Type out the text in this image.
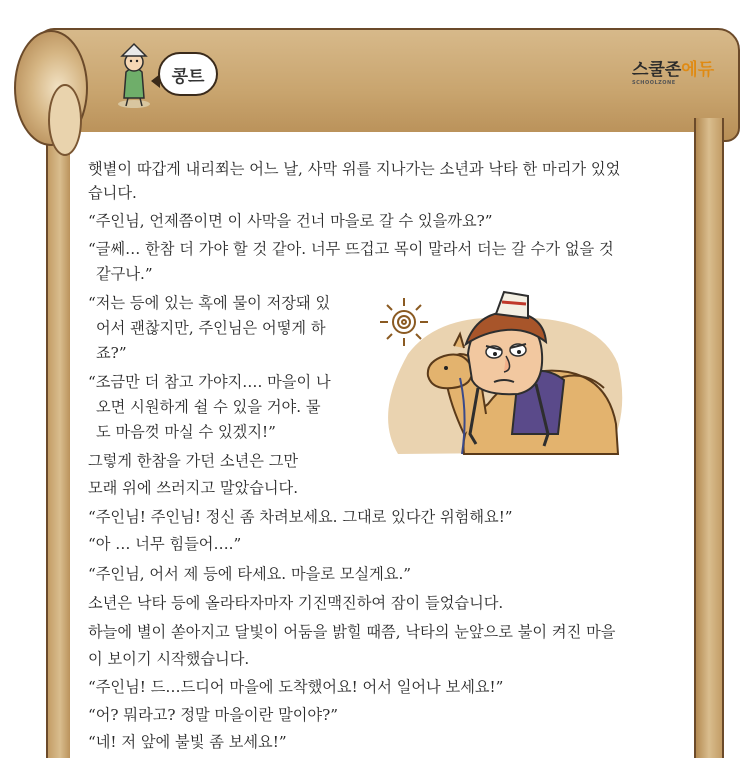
콩트	스쿨존에듀
SCHOOLZONE
햇볕이 따갑게 내리쬐는 어느 날, 사막 위를 지나가는 소년과 낙타 한 마리가 있었
습니다.
“주인님, 언제쯤이면 이 사막을 건너 마을로 갈 수 있을까요?”
“글쎄… 한참 더 가야 할 것 같아. 너무 뜨겁고 목이 말라서 더는 갈 수가 없을 것
같구나.”
“저는 등에 있는 혹에 물이 저장돼 있
어서 괜찮지만, 주인님은 어떻게 하
죠?”
“조금만 더 참고 가야지…. 마을이 나
오면 시원하게 쉴 수 있을 거야. 물
도 마음껏 마실 수 있겠지!”
그렇게 한참을 가던 소년은 그만
모래 위에 쓰러지고 말았습니다.
“주인님! 주인님! 정신 좀 차려보세요. 그대로 있다간 위험해요!”
“아 … 너무 힘들어….”
“주인님, 어서 제 등에 타세요. 마을로 모실게요.”
소년은 낙타 등에 올라타자마자 기진맥진하여 잠이 들었습니다.
하늘에 별이 쏟아지고 달빛이 어둠을 밝힐 때쯤, 낙타의 눈앞으로 불이 켜진 마을
이 보이기 시작했습니다.
“주인님! 드…드디어 마을에 도착했어요! 어서 일어나 보세요!”
“어? 뭐라고? 정말 마을이란 말이야?”
“네! 저 앞에 불빛 좀 보세요!”
